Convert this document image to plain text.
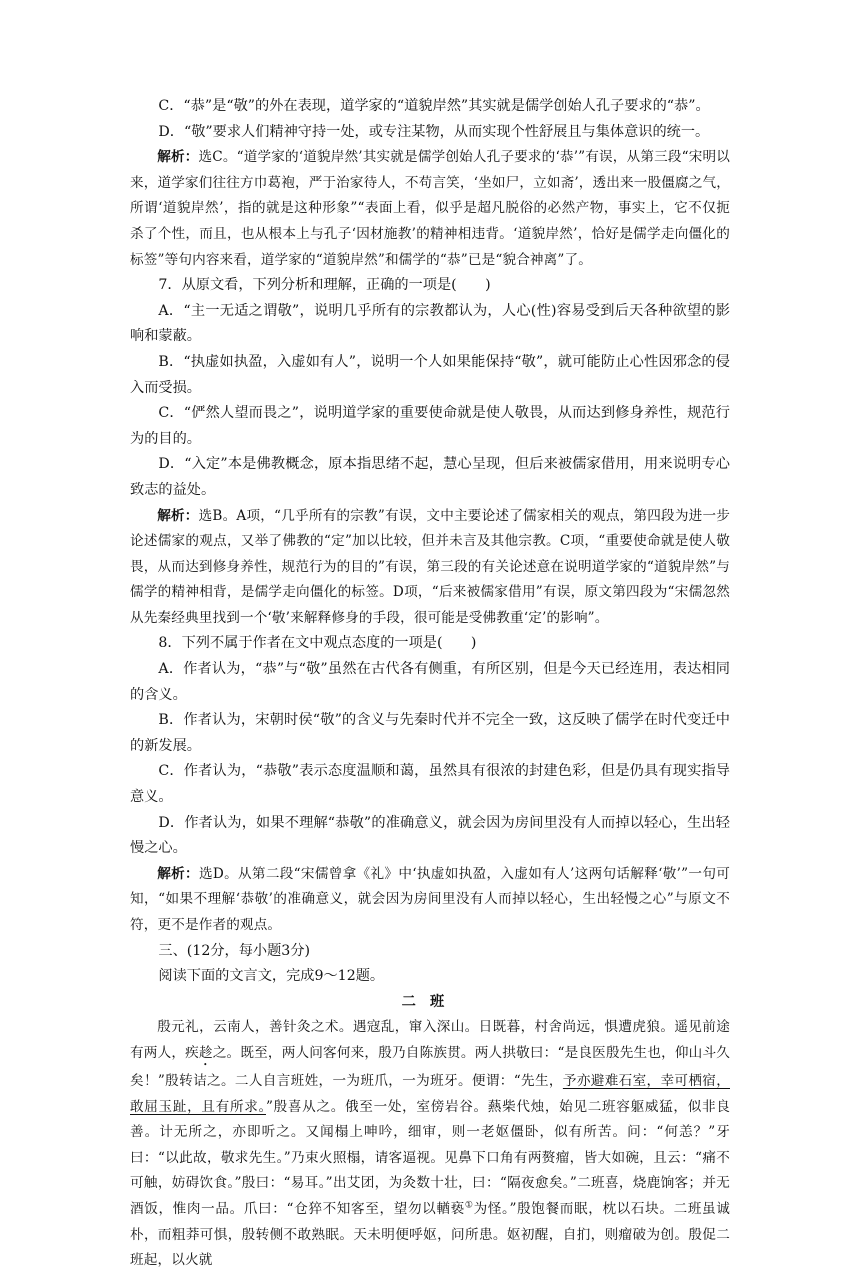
C．“恭”是“敬”的外在表现，道学家的“道貌岸然”其实就是儒学创始人孔子要求的“恭”。

D．“敬”要求人们精神守持一处，或专注某物，从而实现个性舒展且与集体意识的统一。

解析：选C。“道学家的‘道貌岸然’其实就是儒学创始人孔子要求的‘恭’”有误，从第三段“宋明以来，道学家们往往方巾葛袍，严于治家待人，不苟言笑，‘坐如尸，立如斋’，透出来一股僵腐之气，所谓‘道貌岸然’，指的就是这种形象”“表面上看，似乎是超凡脱俗的必然产物，事实上，它不仅扼杀了个性，而且，也从根本上与孔子‘因材施教’的精神相违背。‘道貌岸然’，恰好是儒学走向僵化的标签”等句内容来看，道学家的“道貌岸然”和儒学的“恭”已是“貌合神离”了。

7．从原文看，下列分析和理解，正确的一项是(　　)

A．“主一无适之谓敬”，说明几乎所有的宗教都认为，人心(性)容易受到后天各种欲望的影响和蒙蔽。

B．“执虚如执盈，入虚如有人”，说明一个人如果能保持“敬”，就可能防止心性因邪念的侵入而受损。

C．“俨然人望而畏之”，说明道学家的重要使命就是使人敬畏，从而达到修身养性，规范行为的目的。

D．“入定”本是佛教概念，原本指思绪不起，慧心呈现，但后来被儒家借用，用来说明专心致志的益处。

解析：选B。A项，“几乎所有的宗教”有误，文中主要论述了儒家相关的观点，第四段为进一步论述儒家的观点，又举了佛教的“定”加以比较，但并未言及其他宗教。C项，“重要使命就是使人敬畏，从而达到修身养性，规范行为的目的”有误，第三段的有关论述意在说明道学家的“道貌岸然”与儒学的精神相背，是儒学走向僵化的标签。D项，“后来被儒家借用”有误，原文第四段为“宋儒忽然从先秦经典里找到一个‘敬’来解释修身的手段，很可能是受佛教重‘定’的影响”。

8．下列不属于作者在文中观点态度的一项是(　　)

A．作者认为，“恭”与“敬”虽然在古代各有侧重，有所区别，但是今天已经连用，表达相同的含义。

B．作者认为，宋朝时侯“敬”的含义与先秦时代并不完全一致，这反映了儒学在时代变迁中的新发展。

C．作者认为，“恭敬”表示态度温顺和蔼，虽然具有很浓的封建色彩，但是仍具有现实指导意义。

D．作者认为，如果不理解“恭敬”的准确意义，就会因为房间里没有人而掉以轻心，生出轻慢之心。

解析：选D。从第二段“宋儒曾拿《礼》中‘执虚如执盈，入虚如有人’这两句话解释‘敬’”一句可知，“如果不理解‘恭敬’的准确意义，就会因为房间里没有人而掉以轻心，生出轻慢之心”与原文不符，更不是作者的观点。

三、(12分，每小题3分)

阅读下面的文言文，完成9～12题。

二班

殷元礼，云南人，善针灸之术。遇寇乱，窜入深山。日既暮，村舍尚远，惧遭虎狼。遥见前途有两人，疾趁之。既至，两人问客何来，殷乃自陈族贯。两人拱敬曰：“是良医殷先生也，仰山斗久矣！”殷转诘之。二人自言班姓，一为班爪，一为班牙。便谓：“先生，予亦避难石室，幸可栖宿，敢屈玉趾，且有所求。”殷喜从之。俄至一处，室傍岩谷。爇柴代烛，始见二班容躯威猛，似非良善。计无所之，亦即听之。又闻榻上呻吟，细审，则一老妪僵卧，似有所苦。问：“何恙？”牙曰：“以此故，敬求先生。”乃束火照榻，请客逼视。见鼻下口角有两赘瘤，皆大如碗，且云：“痛不可触，妨碍饮食。”殷曰：“易耳。”出艾团，为灸数十壮，曰：“隔夜愈矣。”二班喜，烧鹿饷客；并无酒饭，惟肉一品。爪曰：“仓猝不知客至，望勿以輶亵①为怪。”殷饱餐而眠，枕以石块。二班虽诚朴，而粗莽可惧，殷转侧不敢熟眠。天未明便呼妪，问所患。妪初醒，自扪，则瘤破为创。殷促二班起，以火就
